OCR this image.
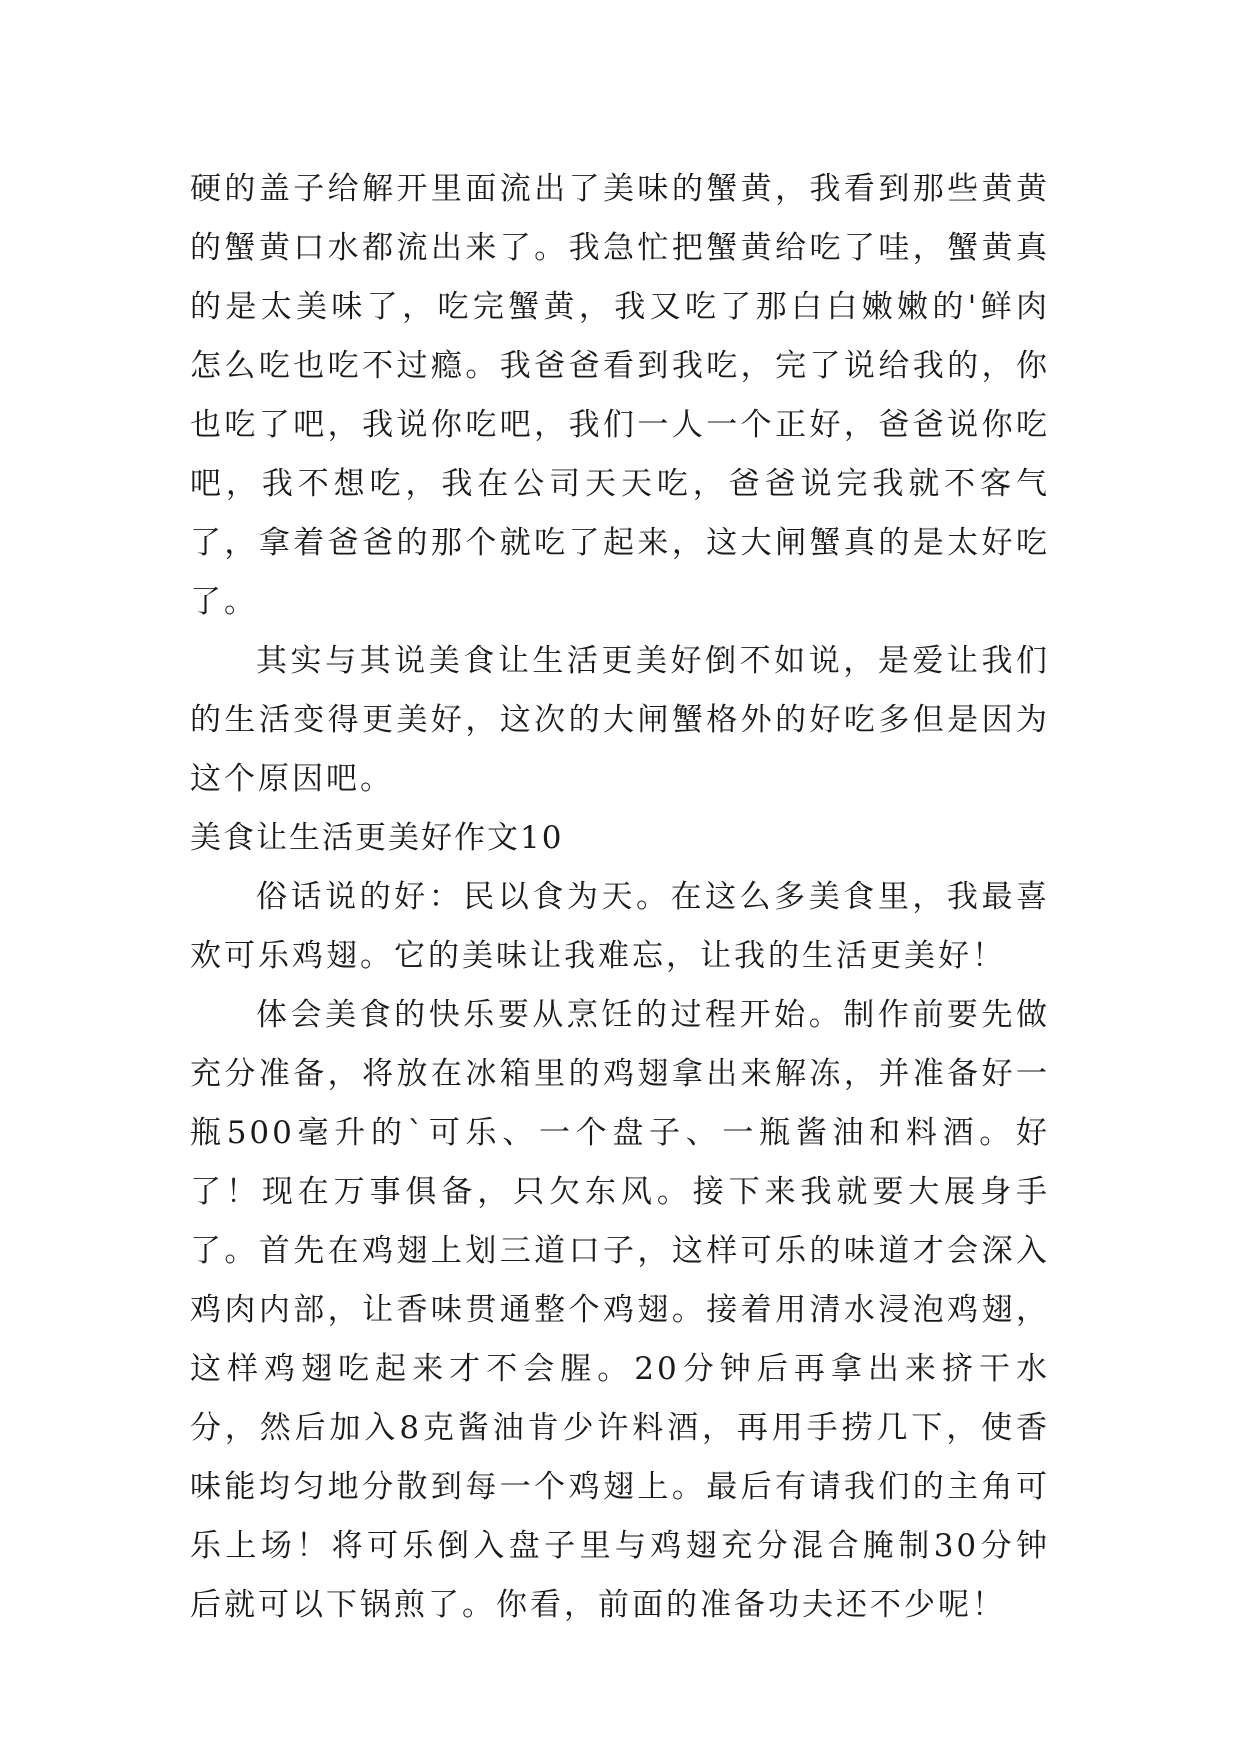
硬的盖子给解开里面流出了美味的蟹黄，我看到那些黄黄的蟹黄口水都流出来了。我急忙把蟹黄给吃了哇，蟹黄真的是太美味了，吃完蟹黄，我又吃了那白白嫩嫩的'鲜肉怎么吃也吃不过瘾。我爸爸看到我吃，完了说给我的，你也吃了吧，我说你吃吧，我们一人一个正好，爸爸说你吃吧，我不想吃，我在公司天天吃，爸爸说完我就不客气了，拿着爸爸的那个就吃了起来，这大闸蟹真的是太好吃了。

其实与其说美食让生活更美好倒不如说，是爱让我们的生活变得更美好，这次的大闸蟹格外的好吃多但是因为这个原因吧。

美食让生活更美好作文10

俗话说的好：民以食为天。在这么多美食里，我最喜欢可乐鸡翅。它的美味让我难忘，让我的生活更美好！

体会美食的快乐要从烹饪的过程开始。制作前要先做充分准备，将放在冰箱里的鸡翅拿出来解冻，并准备好一瓶500毫升的`可乐、一个盘子、一瓶酱油和料酒。好了！现在万事俱备，只欠东风。接下来我就要大展身手了。首先在鸡翅上划三道口子，这样可乐的味道才会深入鸡肉内部，让香味贯通整个鸡翅。接着用清水浸泡鸡翅，这样鸡翅吃起来才不会腥。20分钟后再拿出来挤干水分，然后加入8克酱油肯少许料酒，再用手捞几下，使香味能均匀地分散到每一个鸡翅上。最后有请我们的主角可乐上场！将可乐倒入盘子里与鸡翅充分混合腌制30分钟后就可以下锅煎了。你看，前面的准备功夫还不少呢！
